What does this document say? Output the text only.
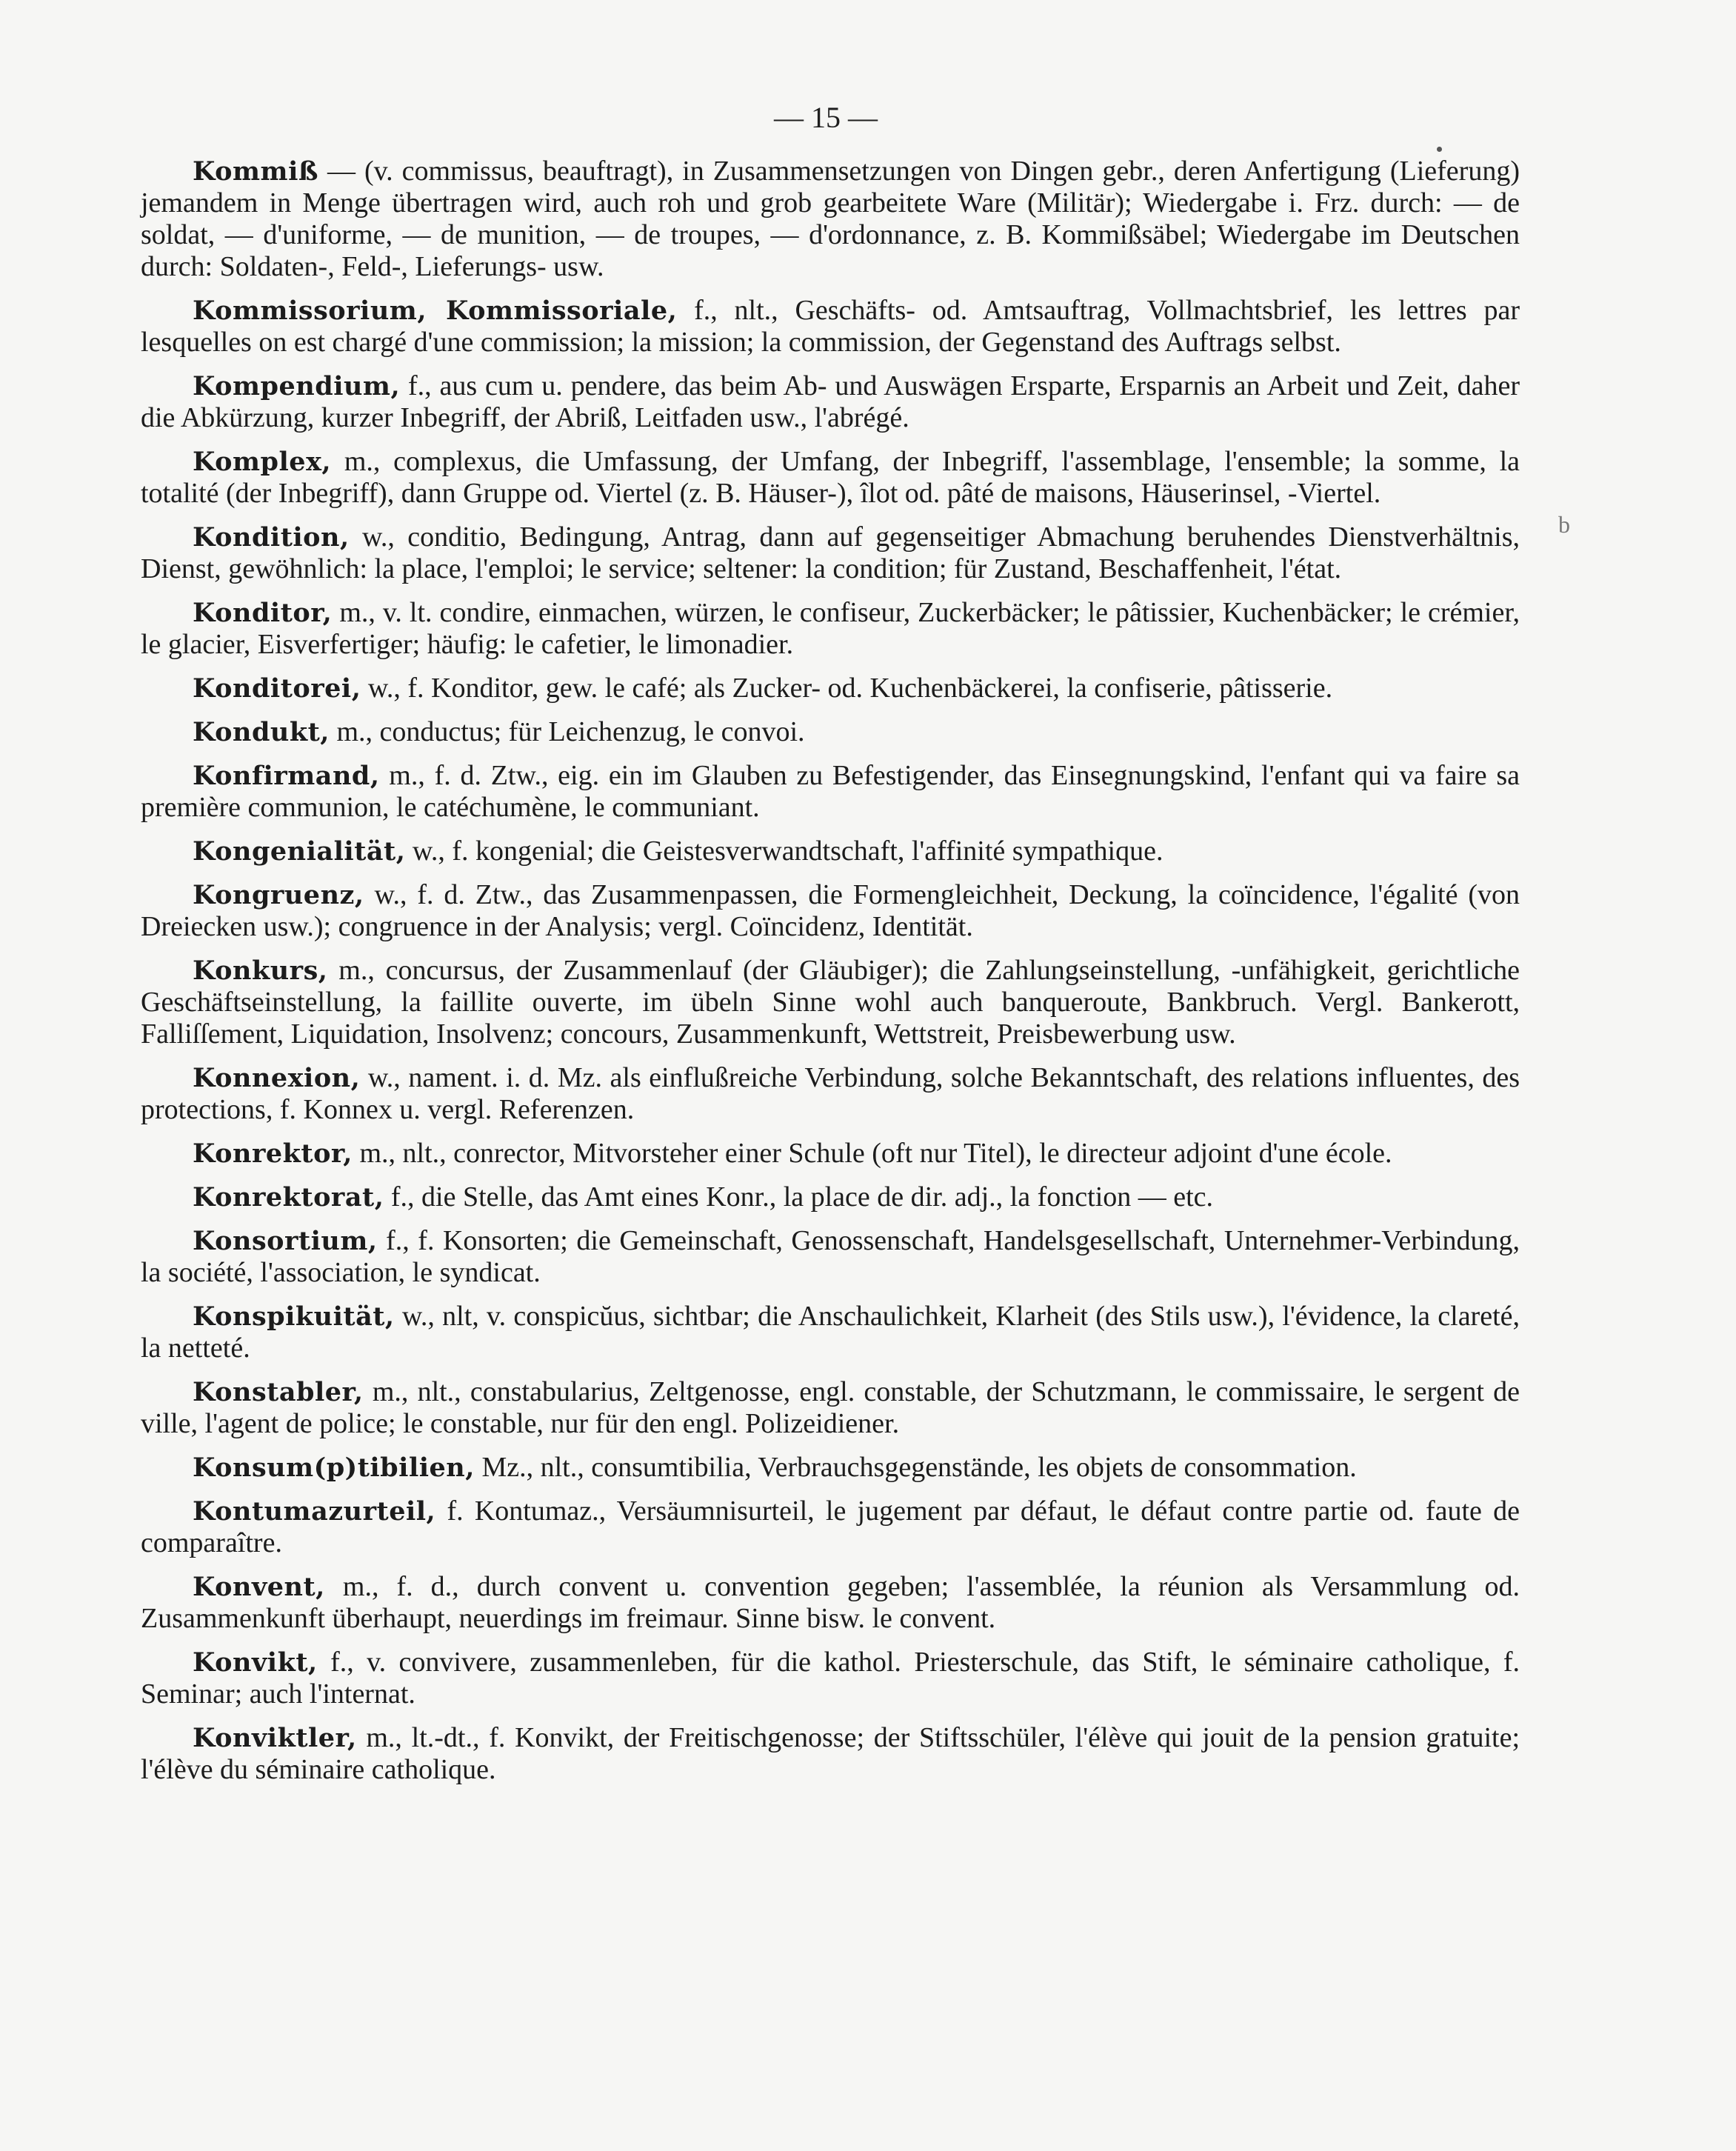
— 15 —
b

Kommiß — (v. commissus, beauftragt), in Zusammensetzungen von Dingen gebr., deren Anfertigung (Lieferung) jemandem in Menge übertragen wird, auch roh und grob gearbeitete Ware (Militär); Wiedergabe i. Frz. durch: — de soldat, — d'uniforme, — de munition, — de troupes, — d'ordonnance, z. B. Kommißsäbel; Wiedergabe im Deutschen durch: Soldaten-, Feld-, Lieferungs- usw.

Kommissorium, Kommissoriale, f., nlt., Geschäfts- od. Amtsauftrag, Vollmachtsbrief, les lettres par lesquelles on est chargé d'une commission; la mission; la commission, der Gegenstand des Auftrags selbst.

Kompendium, f., aus cum u. pendere, das beim Ab- und Auswägen Ersparte, Ersparnis an Arbeit und Zeit, daher die Abkürzung, kurzer Inbegriff, der Abriß, Leitfaden usw., l'abrégé.

Komplex, m., complexus, die Umfassung, der Umfang, der Inbegriff, l'assemblage, l'ensemble; la somme, la totalité (der Inbegriff), dann Gruppe od. Viertel (z. B. Häuser-), îlot od. pâté de maisons, Häuserinsel, -Viertel.

Kondition, w., conditio, Bedingung, Antrag, dann auf gegenseitiger Abmachung beruhendes Dienstverhältnis, Dienst, gewöhnlich: la place, l'emploi; le service; seltener: la condition; für Zustand, Beschaffenheit, l'état.

Konditor, m., v. lt. condire, einmachen, würzen, le confiseur, Zuckerbäcker; le pâtissier, Kuchenbäcker; le crémier, le glacier, Eisverfertiger; häufig: le cafetier, le limonadier.

Konditorei, w., f. Konditor, gew. le café; als Zucker- od. Kuchenbäckerei, la confiserie, pâtisserie.

Kondukt, m., conductus; für Leichenzug, le convoi.

Konfirmand, m., f. d. Ztw., eig. ein im Glauben zu Befestigender, das Einsegnungskind, l'enfant qui va faire sa première communion, le catéchumène, le communiant.

Kongenialität, w., f. kongenial; die Geistesverwandtschaft, l'affinité sympathique.

Kongruenz, w., f. d. Ztw., das Zusammenpassen, die Formengleichheit, Deckung, la coïncidence, l'égalité (von Dreiecken usw.); congruence in der Analysis; vergl. Coïncidenz, Identität.

Konkurs, m., concursus, der Zusammenlauf (der Gläubiger); die Zahlungseinstellung, -unfähigkeit, gerichtliche Geschäftseinstellung, la faillite ouverte, im übeln Sinne wohl auch banqueroute, Bankbruch. Vergl. Bankerott, Falliſſement, Liquidation, Insolvenz; concours, Zusammenkunft, Wettstreit, Preisbewerbung usw.

Konnexion, w., nament. i. d. Mz. als einflußreiche Verbindung, solche Bekanntschaft, des relations influentes, des protections, f. Konnex u. vergl. Referenzen.

Konrektor, m., nlt., conrector, Mitvorsteher einer Schule (oft nur Titel), le directeur adjoint d'une école.

Konrektorat, f., die Stelle, das Amt eines Konr., la place de dir. adj., la fonction — etc.

Konsortium, f., f. Konsorten; die Gemeinschaft, Genossenschaft, Handelsgesellschaft, Unternehmer-Verbindung, la société, l'association, le syndicat.

Konspikuität, w., nlt, v. conspicŭus, sichtbar; die Anschaulichkeit, Klarheit (des Stils usw.), l'évidence, la clareté, la netteté.

Konstabler, m., nlt., constabularius, Zeltgenosse, engl. constable, der Schutzmann, le commissaire, le sergent de ville, l'agent de police; le constable, nur für den engl. Polizeidiener.

Konsum(p)tibilien, Mz., nlt., consumtibilia, Verbrauchsgegenstände, les objets de consommation.

Kontumazurteil, f. Kontumaz., Versäumnisurteil, le jugement par défaut, le défaut contre partie od. faute de comparaître.

Konvent, m., f. d., durch convent u. convention gegeben; l'assemblée, la réunion als Versammlung od. Zusammenkunft überhaupt, neuerdings im freimaur. Sinne bisw. le convent.

Konvikt, f., v. convivere, zusammenleben, für die kathol. Priesterschule, das Stift, le séminaire catholique, f. Seminar; auch l'internat.

Konviktler, m., lt.-dt., f. Konvikt, der Freitischgenosse; der Stiftsschüler, l'élève qui jouit de la pension gratuite; l'élève du séminaire catholique.
